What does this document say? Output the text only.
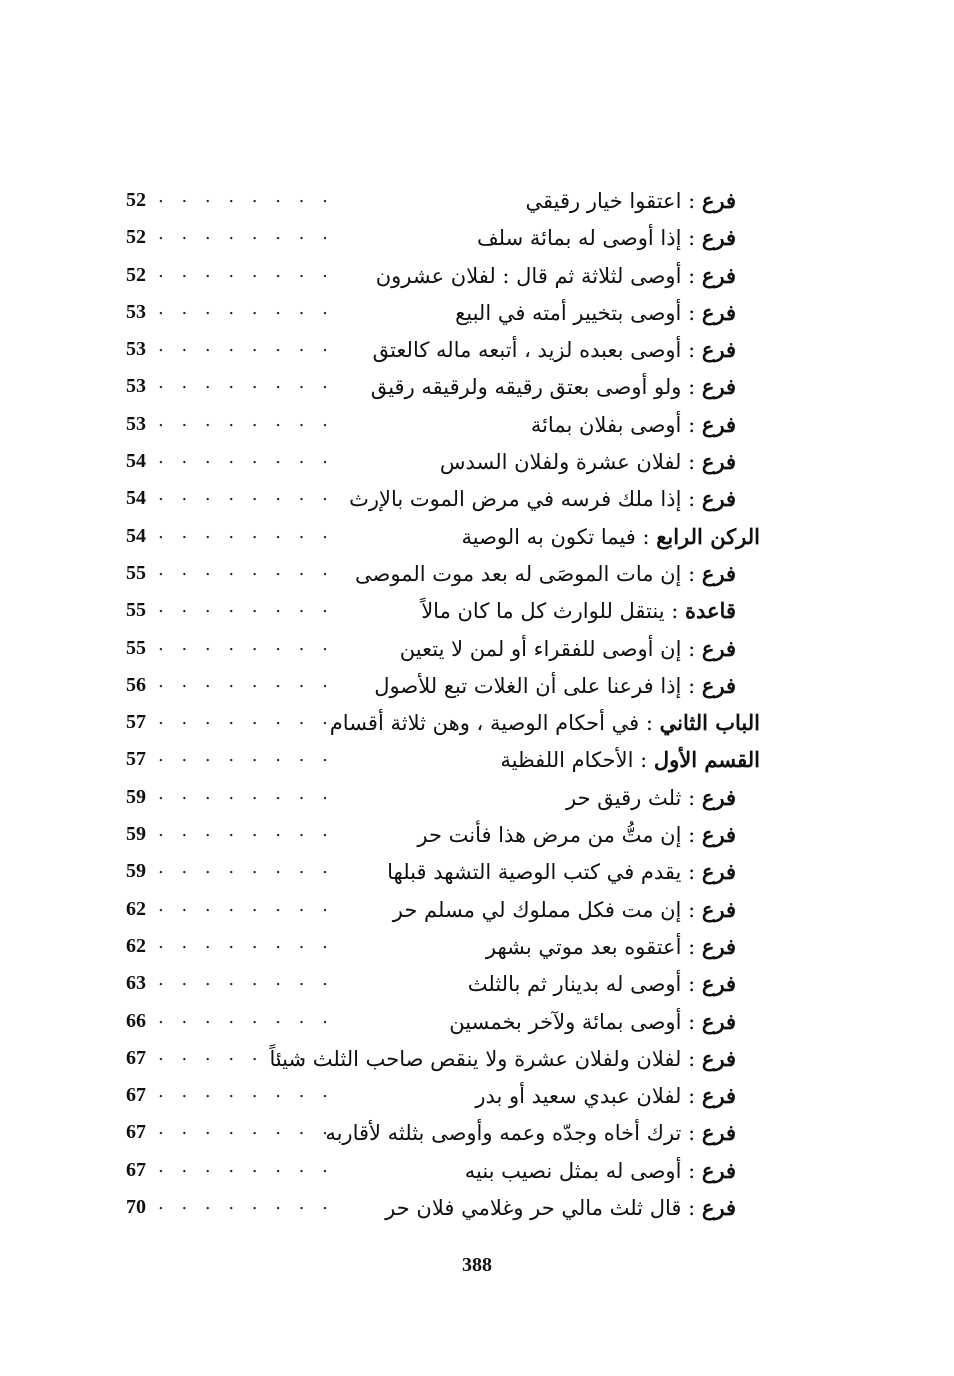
فرع : اعتقوا خيار رقيقي
. . . . . . . .
52
فرع : إذا أوصى له بمائة سلف
. . . . . . . .
52
فرع : أوصى لثلاثة ثم قال : لفلان عشرون
. . . . . . . .
52
فرع : أوصى بتخيير أمته في البيع
. . . . . . . .
53
فرع : أوصى بعبده لزيد ، أتبعه ماله كالعتق
. . . . . . . .
53
فرع : ولو أوصى بعتق رقيقه ولرقيقه رقيق
. . . . . . . .
53
فرع : أوصى بفلان بمائة
. . . . . . . .
53
فرع : لفلان عشرة ولفلان السدس
. . . . . . . .
54
فرع : إذا ملك فرسه في مرض الموت بالإرث
. . . . . . . .
54
الركن الرابع : فيما تكون به الوصية
. . . . . . . .
54
فرع : إن مات الموصَى له بعد موت الموصى
. . . . . . . .
55
قاعدة : ينتقل للوارث كل ما كان مالاً
. . . . . . . .
55
فرع : إن أوصى للفقراء أو لمن لا يتعين
. . . . . . . .
55
فرع : إذا فرعنا على أن الغلات تبع للأصول
. . . . . . . .
56
الباب الثاني : في أحكام الوصية ، وهن ثلاثة أقسام
. . . . . . . .
57
القسم الأول : الأحكام اللفظية
. . . . . . . .
57
فرع : ثلث رقيق حر
. . . . . . . .
59
فرع : إن متُّ من مرض هذا فأنت حر
. . . . . . . .
59
فرع : يقدم في كتب الوصية التشهد قبلها
. . . . . . . .
59
فرع : إن مت فكل مملوك لي مسلم حر
. . . . . . . .
62
فرع : أعتقوه بعد موتي بشهر
. . . . . . . .
62
فرع : أوصى له بدينار ثم بالثلث
. . . . . . . .
63
فرع : أوصى بمائة ولآخر بخمسين
. . . . . . . .
66
فرع : لفلان ولفلان عشرة ولا ينقص صاحب الثلث شيئاً
. . . . . . .
67
فرع : لفلان عبدي سعيد أو بدر
. . . . . . . .
67
فرع : ترك أخاه وجدّه وعمه وأوصى بثلثه لأقاربه
. . . . . . . .
67
فرع : أوصى له بمثل نصيب بنيه
. . . . . . . .
67
فرع : قال ثلث مالي حر وغلامي فلان حر
. . . . . . . .
70
388
